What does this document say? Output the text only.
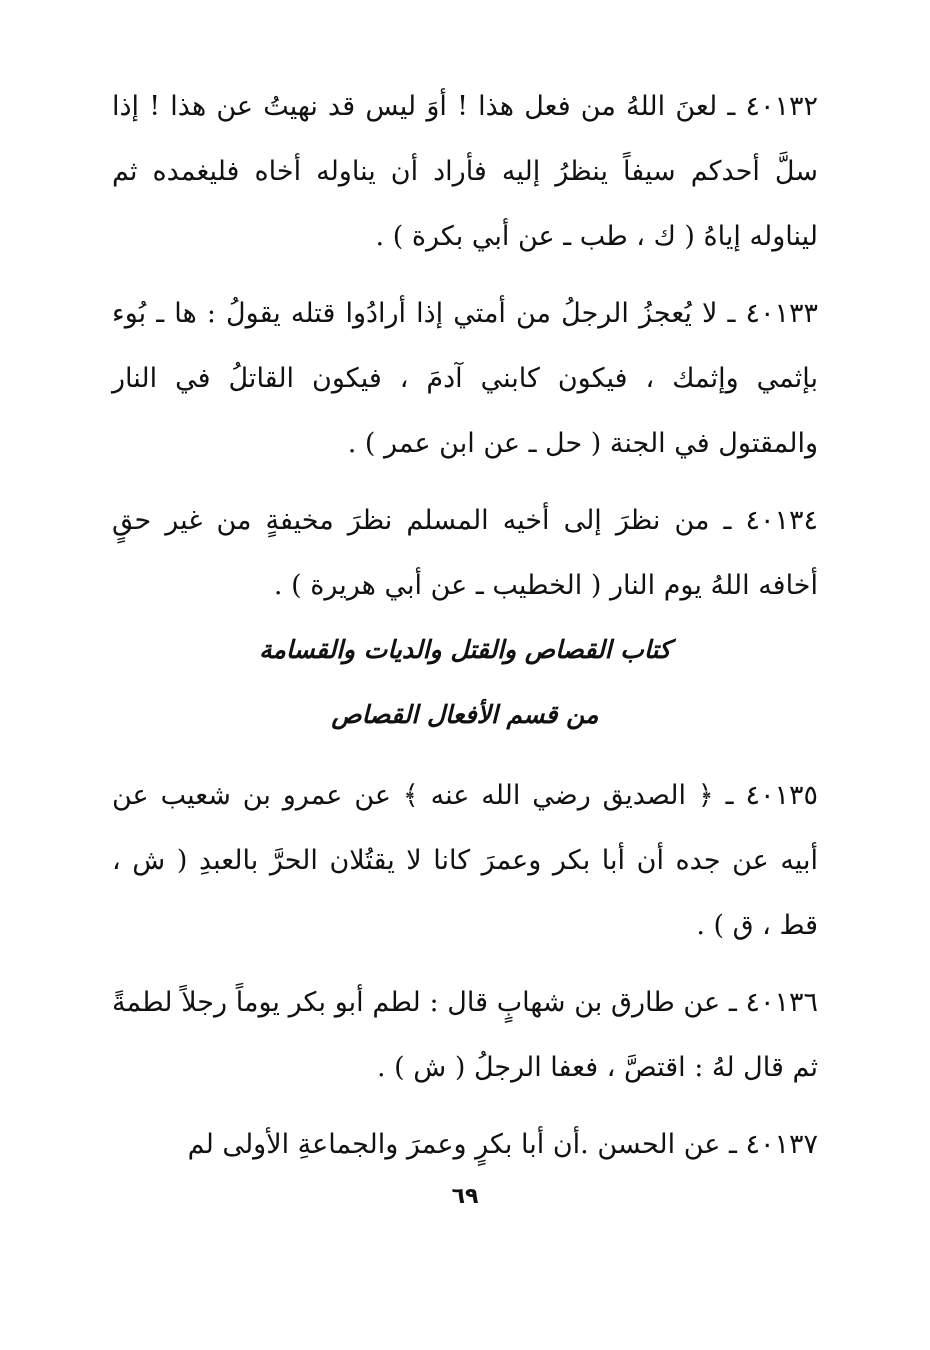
٤٠١٣٢ ـ لعنَ اللهُ من فعل هذا ! أوَ ليس قد نهيتُ عن هذا ! إذا سلَّ أحدكم سيفاً ينظرُ إليه فأراد أن يناوله أخاه فليغمده ثم ليناوله إياهُ ( ك ، طب ـ عن أبي بكرة ) .

٤٠١٣٣ ـ لا يُعجزُ الرجلُ من أمتي إذا أرادُوا قتله يقولُ : ها ـ بُوء بإثمي وإثمك ، فيكون كابني آدمَ ، فيكون القاتلُ في النار والمقتول في الجنة ( حل ـ عن ابن عمر ) .

٤٠١٣٤ ـ من نظرَ إلى أخيه المسلم نظرَ مخيفةٍ من غير حقٍ أخافه اللهُ يوم النار ( الخطيب ـ عن أبي هريرة ) .

كتاب القصاص والقتل والديات والقسامة
من قسم الأفعال القصاص

٤٠١٣٥ ـ ﴿ الصديق رضي الله عنه ﴾ عن عمرو بن شعيب عن أبيه عن جده أن أبا بكر وعمرَ كانا لا يقتُلان الحرَّ بالعبدِ ( ش ، قط ، ق ) .

٤٠١٣٦ ـ عن طارق بن شهابٍ قال : لطم أبو بكر يوماً رجلاً لطمةً ثم قال لهُ : اقتصَّ ، فعفا الرجلُ ( ش ) .

٤٠١٣٧ ـ عن الحسن .أن أبا بكرٍ وعمرَ والجماعةِ الأولى لم

٦٩
